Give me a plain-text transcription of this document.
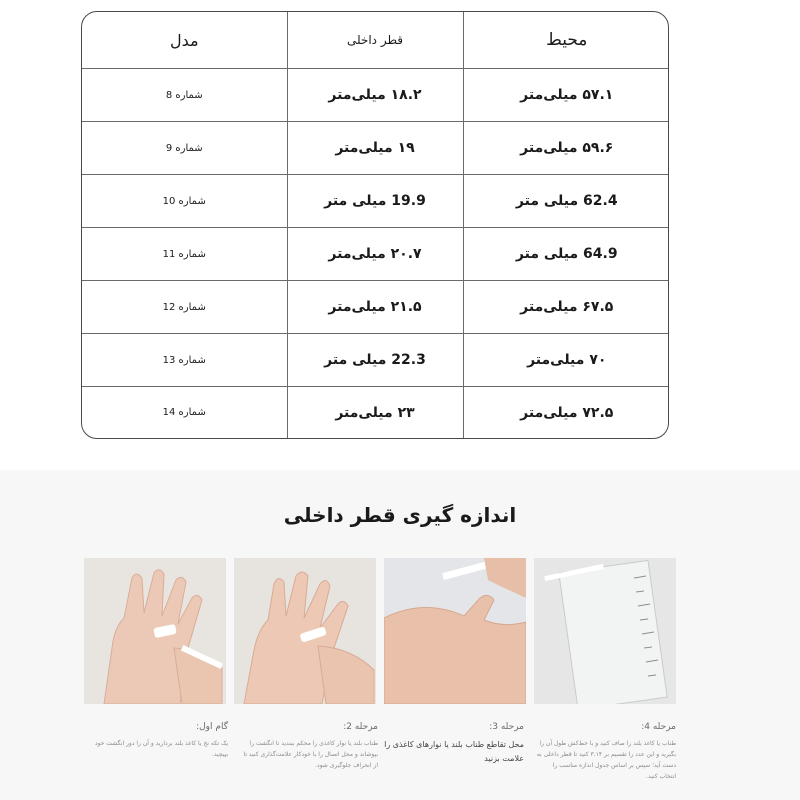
محیط	قطر داخلی	مدل
۵۷.۱ میلی‌متر	۱۸.۲ میلی‌متر	شماره 8
۵۹.۶ میلی‌متر	۱۹ میلی‌متر	شماره 9
62.4 میلی متر	19.9 میلی متر	شماره 10
64.9 میلی متر	۲۰.۷ میلی‌متر	شماره 11
۶۷.۵ میلی‌متر	۲۱.۵ میلی‌متر	شماره 12
۷۰ میلی‌متر	22.3 میلی متر	شماره 13
۷۲.۵ میلی‌متر	۲۳ میلی‌متر	شماره 14
اندازه گیری قطر داخلی
گام اول:
یک تکه نخ یا کاغذ بلند بردارید و آن را دور انگشت خود بپیچید.
مرحله 2:
طناب بلند یا نوار کاغذی را محکم ببندید تا انگشت را بپوشاند و محل اتصال را با خودکار علامت‌گذاری کنید تا از انحراف جلوگیری شود.
مرحله 3:
محل تقاطع طناب بلند یا نوارهای کاغذی را علامت بزنید
مرحله 4:
طناب یا کاغذ بلند را صاف کنید و با خط‌کش طول آن را بگیرید و این عدد را تقسیم بر ۳.۱۴ کنید تا قطر داخلی به دست آید؛ سپس بر اساس جدول اندازه مناسب را انتخاب کنید.
